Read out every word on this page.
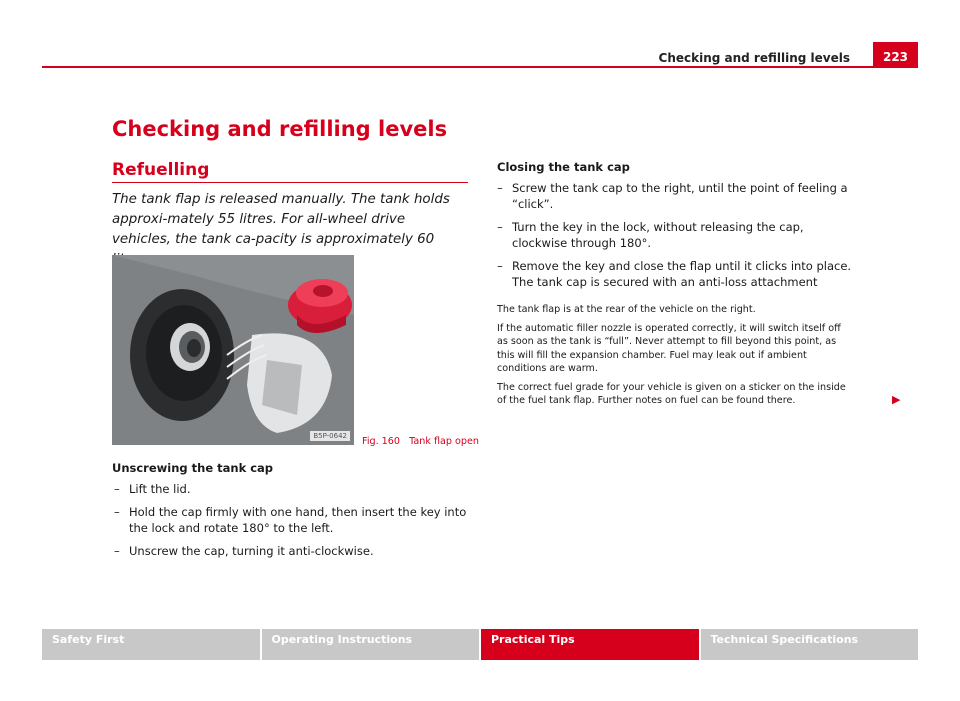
Checking and refilling levels	223
Checking and refilling levels
Refuelling

The tank flap is released manually. The tank holds approxi-mately 55 litres. For all-wheel drive vehicles, the tank ca-pacity is approximately 60

B5P-0642	Fig. 160 Tank flap open

Unscrewing the tank cap

– Lift the lid.
– Hold the cap firmly with one hand, then insert the key into the lock and rotate 180° to the left.
– Unscrew the cap, turning it anti-clockwise.

Closing the tank cap

– Screw the tank cap to the right, until the point of feeling a “click”.
– Turn the key in the lock, without releasing the cap, clockwise through 180°.
– Remove the key and close the flap until it clicks into place. The tank cap is secured with an anti-loss attachment

The tank flap is at the rear of the vehicle on the right.

If the automatic filler nozzle is operated correctly, it will switch itself off as soon as the tank is “full”. Never attempt to fill beyond this point, as this will fill the expansion chamber. Fuel may leak out if ambient conditions are warm.

The correct fuel grade for your vehicle is given on a sticker on the inside of the fuel tank flap. Further notes on fuel can be found there.	▶
Safety First	Operating Instructions	Practical Tips	Technical Specifications
